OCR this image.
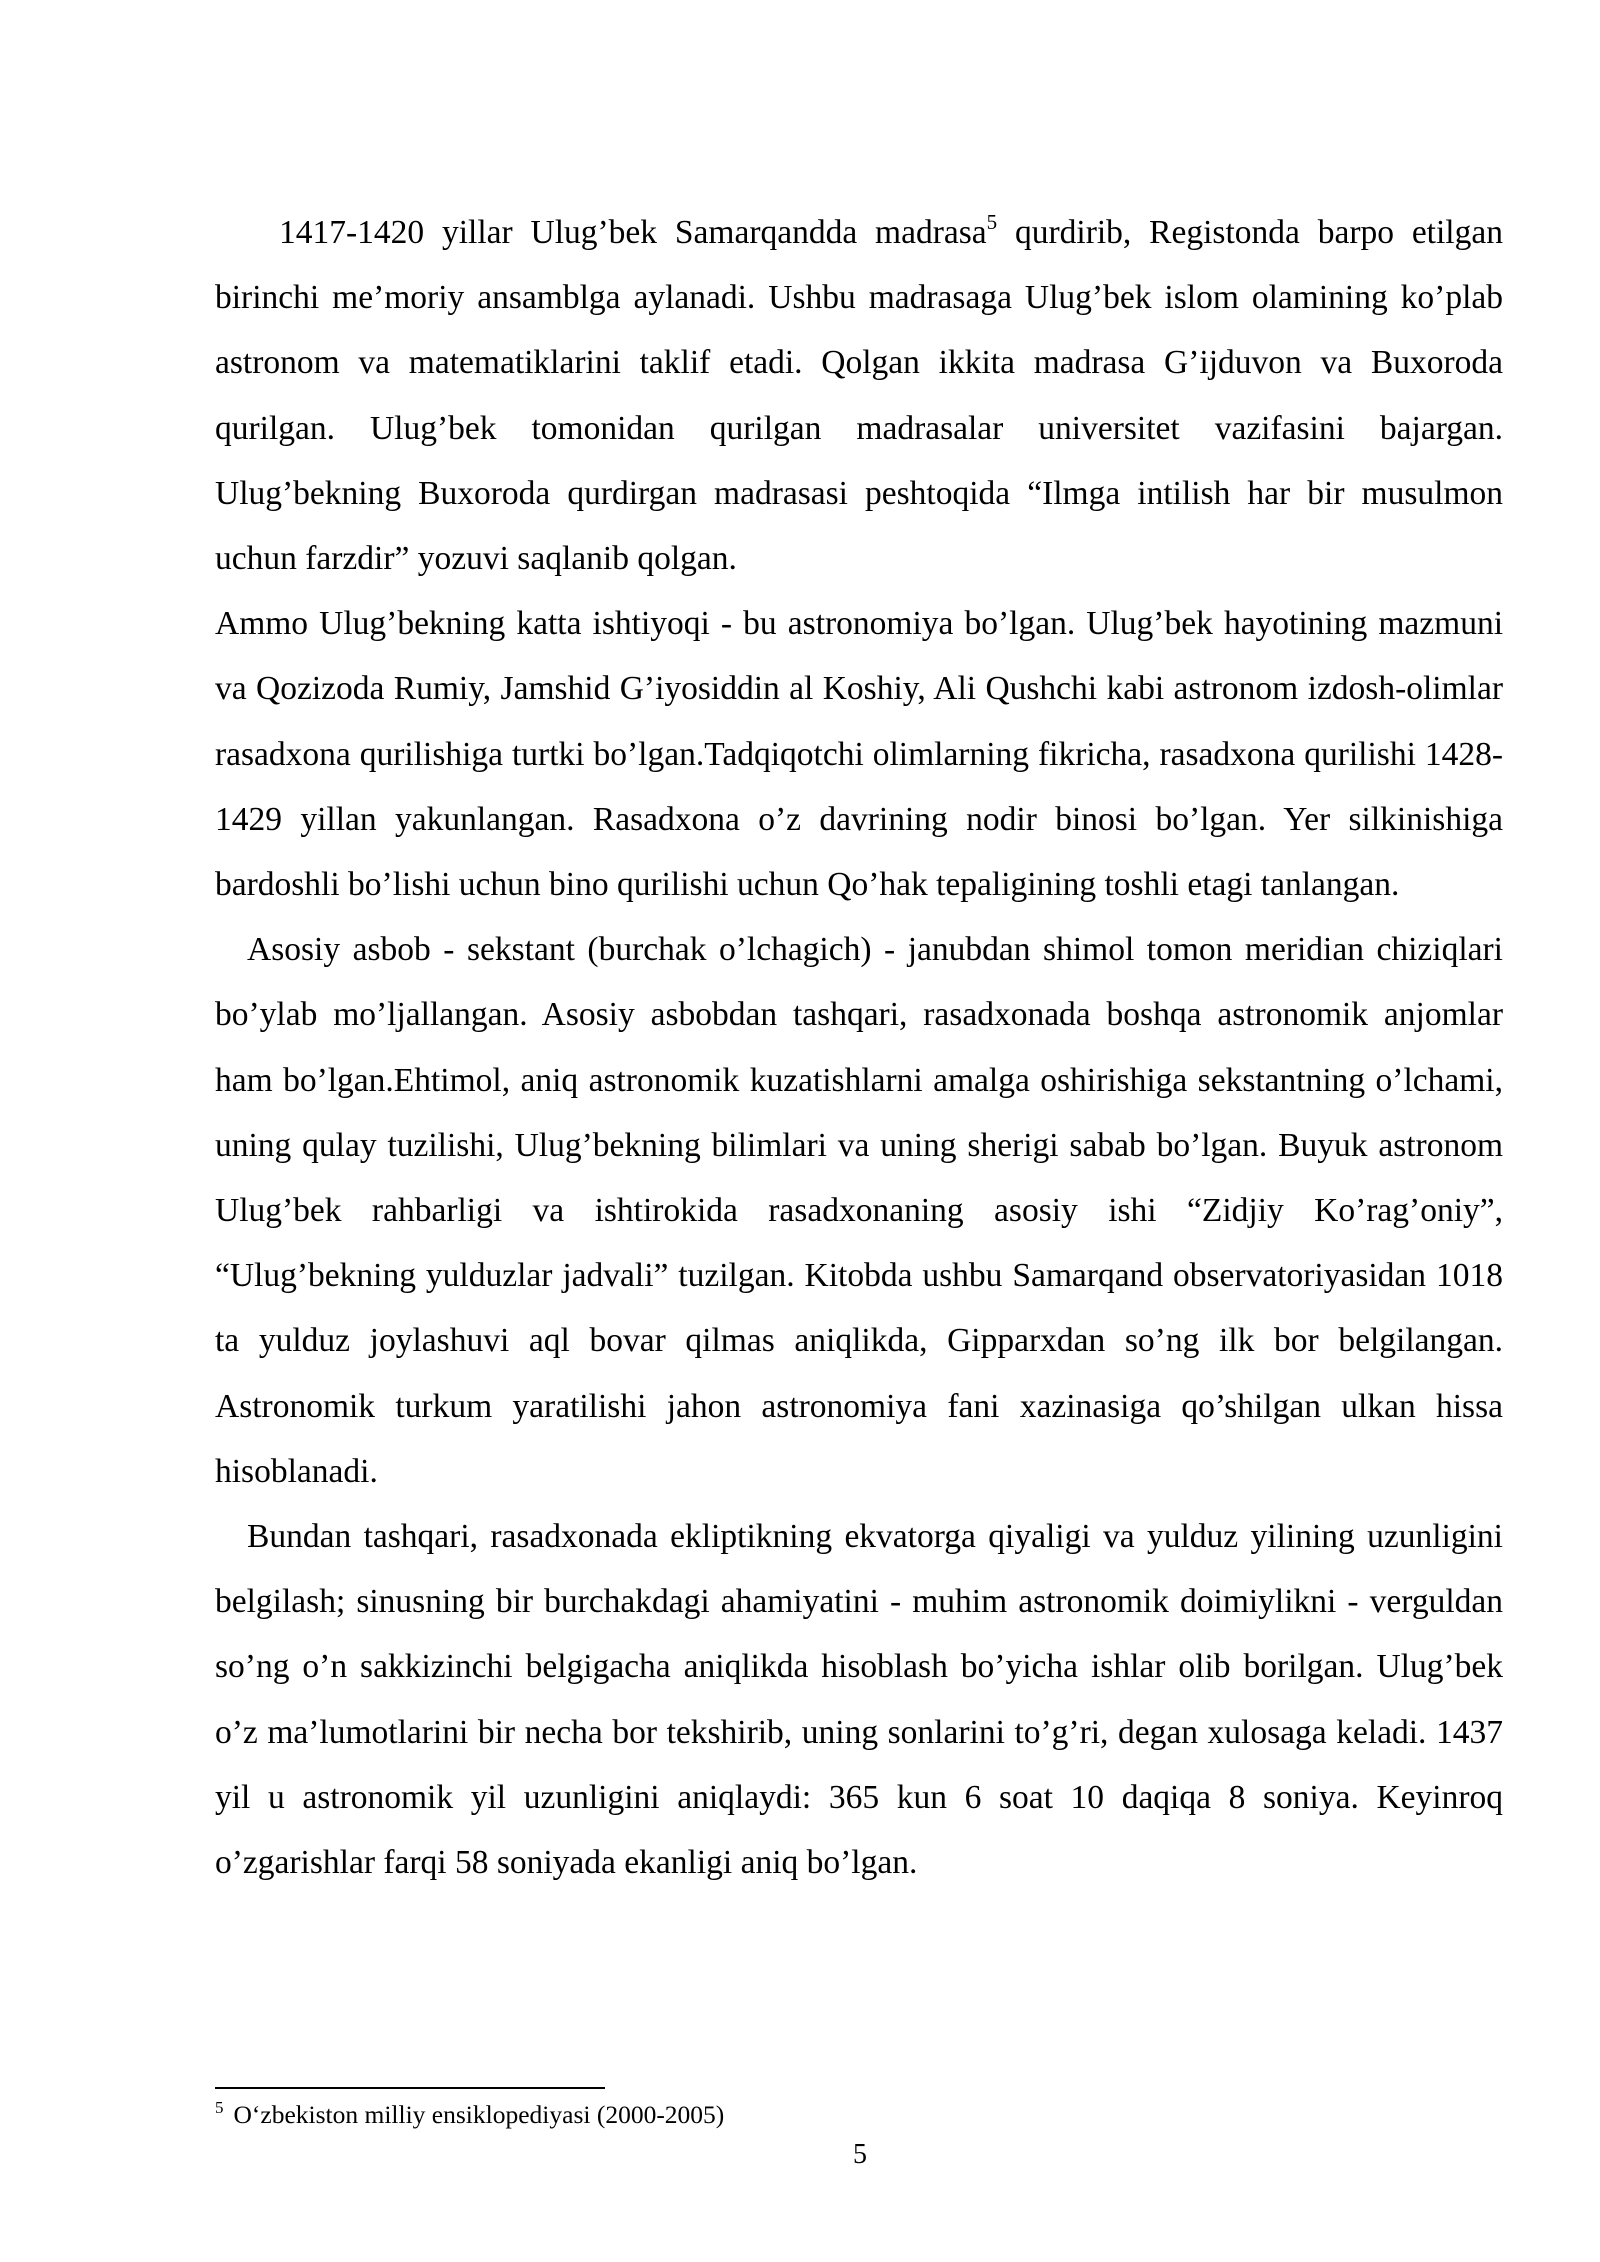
1417-1420 yillar Ulug’bek Samarqandda madrasa$^5$ qurdirib, Registonda barpo etilgan birinchi me’moriy ansamblga aylanadi. Ushbu madrasaga Ulug’bek islom olamining ko’plab astronom va matematiklarini taklif etadi. Qolgan ikkita madrasa G’ijduvon va Buxoroda qurilgan. Ulug’bek tomonidan qurilgan madrasalar universitet vazifasini bajargan. Ulug’bekning Buxoroda qurdirgan madrasasi peshtoqida “Ilmga intilish har bir musulmon uchun farzdir” yozuvi saqlanib qolgan.

Ammo Ulug’bekning katta ishtiyoqi - bu astronomiya bo’lgan. Ulug’bek hayotining mazmuni va Qozizoda Rumiy, Jamshid G’iyosiddin al Koshiy, Ali Qushchi kabi astronom izdosh-olimlar rasadxona qurilishiga turtki bo’lgan.Tadqiqotchi olimlarning fikricha, rasadxona qurilishi 1428-1429 yillan yakunlangan. Rasadxona o’z davrining nodir binosi bo’lgan. Yer silkinishiga bardoshli bo’lishi uchun bino qurilishi uchun Qo’hak tepaligining toshli etagi tanlangan.

Asosiy asbob - sekstant (burchak o’lchagich) - janubdan shimol tomon meridian chiziqlari bo’ylab mo’ljallangan. Asosiy asbobdan tashqari, rasadxonada boshqa astronomik anjomlar ham bo’lgan.Ehtimol, aniq astronomik kuzatishlarni amalga oshirishiga sekstantning o’lchami, uning qulay tuzilishi, Ulug’bekning bilimlari va uning sherigi sabab bo’lgan. Buyuk astronom Ulug’bek rahbarligi va ishtirokida rasadxonaning asosiy ishi “Zidjiy Ko’rag’oniy”, “Ulug’bekning yulduzlar jadvali” tuzilgan. Kitobda ushbu Samarqand observatoriyasidan 1018 ta yulduz joylashuvi aql bovar qilmas aniqlikda, Gipparxdan so’ng ilk bor belgilangan. Astronomik turkum yaratilishi jahon astronomiya fani xazinasiga qo’shilgan ulkan hissa hisoblanadi.

Bundan tashqari, rasadxonada ekliptikning ekvatorga qiyaligi va yulduz yilining uzunligini belgilash; sinusning bir burchakdagi ahamiyatini - muhim astronomik doimiylikni - verguldan so’ng o’n sakkizinchi belgigacha aniqlikda hisoblash bo’yicha ishlar olib borilgan. Ulug’bek o’z ma’lumotlarini bir necha bor tekshirib, uning sonlarini to’g’ri, degan xulosaga keladi. 1437 yil u astronomik yil uzunligini aniqlaydi: 365 kun 6 soat 10 daqiqa 8 soniya. Keyinroq o’zgarishlar farqi 58 soniyada ekanligi aniq bo’lgan.

$^5$ O‘zbekiston milliy ensiklopediyasi (2000-2005)

5
